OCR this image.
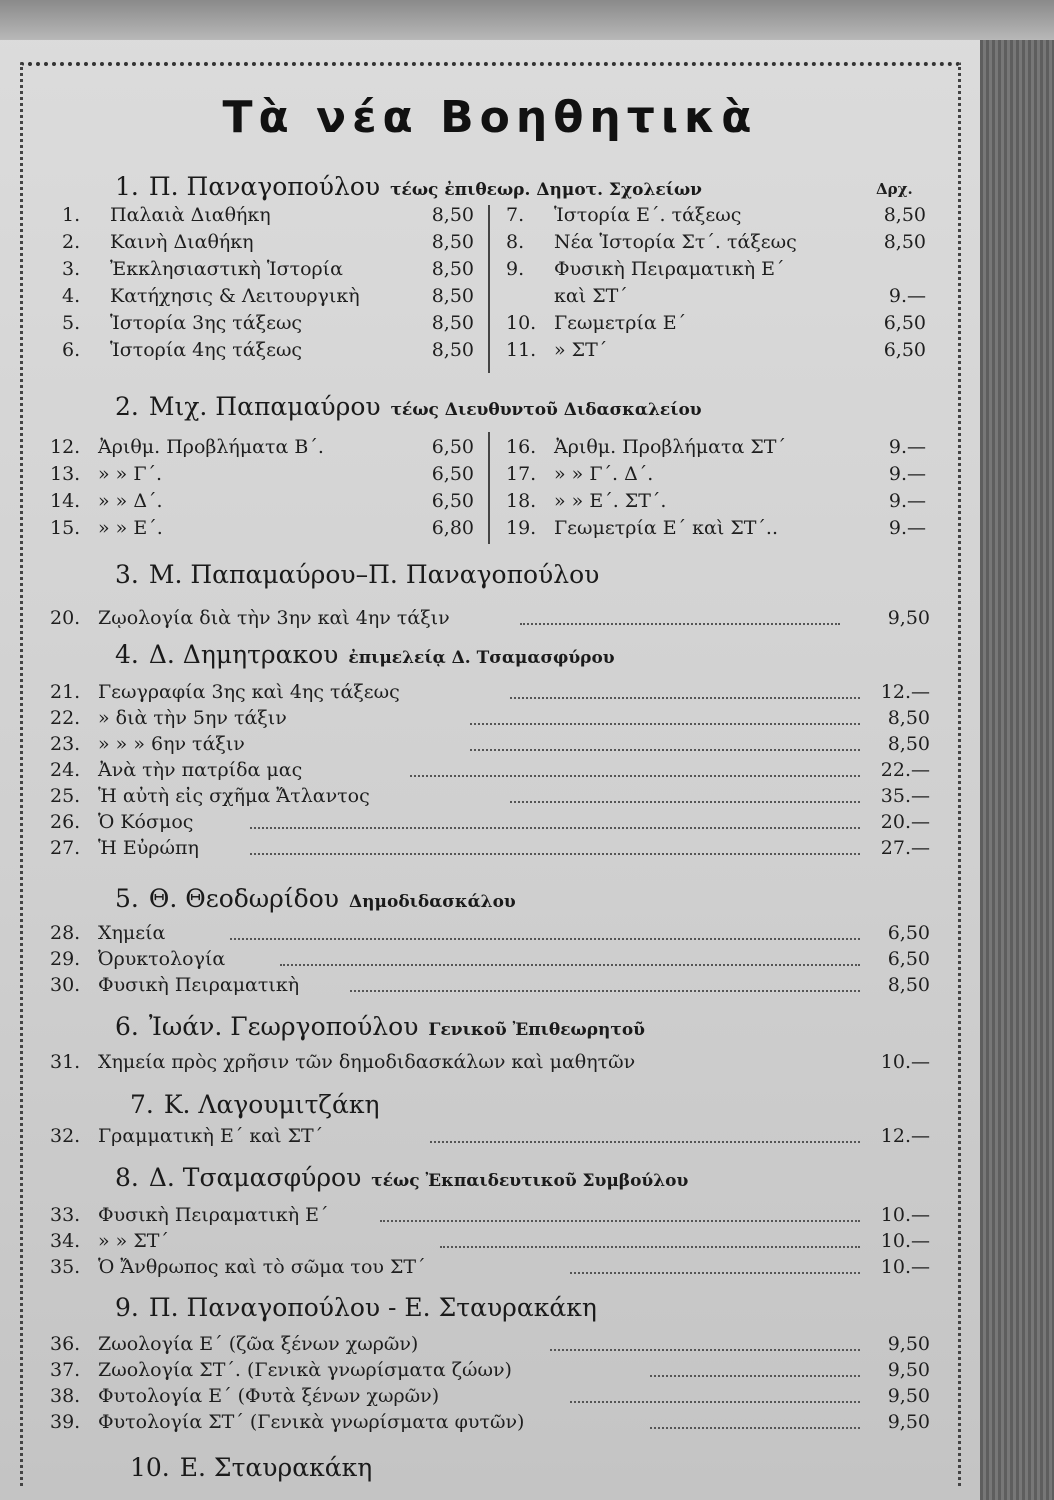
Τὰ νέα Βοηθητικὰ
Δρχ.
1. Π. Παναγοπούλου τέως ἐπιθεωρ. Δημοτ. Σχολείων
2. Μιχ. Παπαμαύρου τέως Διευθυντοῦ Διδασκαλείου
3. Μ. Παπαμαύρου–Π. Παναγοπούλου
4. Δ. Δημητρακου ἐπιμελείᾳ Δ. Τσαμασφύρου
5. Θ. Θεοδωρίδου Δημοδιδασκάλου
6. Ἰωάν. Γεωργοπούλου Γενικοῦ Ἐπιθεωρητοῦ
7. Κ. Λαγουμιτζάκη
8. Δ. Τσαμασφύρου τέως Ἐκπαιδευτικοῦ Συμβούλου
9. Π. Παναγοπούλου - Ε. Σταυρακάκη
10. Ε. Σταυρακάκη
1.	Παλαιὰ Διαθήκη	8,50
2.	Καινὴ Διαθήκη	8,50
3.	Ἐκκλησιαστικὴ Ἱστορία	8,50
4.	Κατήχησις & Λειτουργικὴ	8,50
5.	Ἱστορία 3ης τάξεως	8,50
6.	Ἱστορία 4ης τάξεως	8,50
7.	Ἱστορία Ε΄. τάξεως	8,50
8.	Νέα Ἱστορία Στ΄. τάξεως	8,50
9.	Φυσικὴ Πειραματικὴ Ε΄
καὶ ΣΤ΄	9.—
10. Γεωμετρία Ε΄	6,50
11. » ΣΤ΄	6,50
12. Ἀριθμ. Προβλήματα Β΄.	6,50
13. » » Γ΄.	6,50
14. » » Δ΄.	6,50
15. » » Ε΄.	6,80
16. Ἀριθμ. Προβλήματα ΣΤ΄	9.—
17. » » Γ΄. Δ΄.	9.—
18. » » Ε΄. ΣΤ΄.	9.—
19. Γεωμετρία Ε΄ καὶ ΣΤ΄..	9.—
20. Ζῳολογία διὰ τὴν 3ην καὶ 4ην τάξιν	9,50
21. Γεωγραφία 3ης καὶ 4ης τάξεως	12.—
22. » διὰ τὴν 5ην τάξιν	8,50
23. » » » 6ην τάξιν	8,50
24. Ἀνὰ τὴν πατρίδα μας	22.—
25. Ἡ αὐτὴ εἰς σχῆμα Ἄτλαντος	35.—
26. Ὁ Κόσμος	20.—
27. Ἡ Εὐρώπη	27.—
28. Χημεία	6,50
29. Ὀρυκτολογία	6,50
30. Φυσικὴ Πειραματικὴ	8,50
31. Χημεία πρὸς χρῆσιν τῶν δημοδιδασκάλων καὶ μαθητῶν	10.—
32. Γραμματικὴ Ε΄ καὶ ΣΤ΄	12.—
33. Φυσικὴ Πειραματικὴ Ε΄	10.—
34. » » ΣΤ΄	10.—
35. Ὁ Ἄνθρωπος καὶ τὸ σῶμα του ΣΤ΄	10.—
36. Ζωολογία Ε΄ (ζῶα ξένων χωρῶν)	9,50
37. Ζωολογία ΣΤ΄. (Γενικὰ γνωρίσματα ζώων)	9,50
38. Φυτολογία Ε΄ (Φυτὰ ξένων χωρῶν)	9,50
39. Φυτολογία ΣΤ΄ (Γενικὰ γνωρίσματα φυτῶν)	9,50
